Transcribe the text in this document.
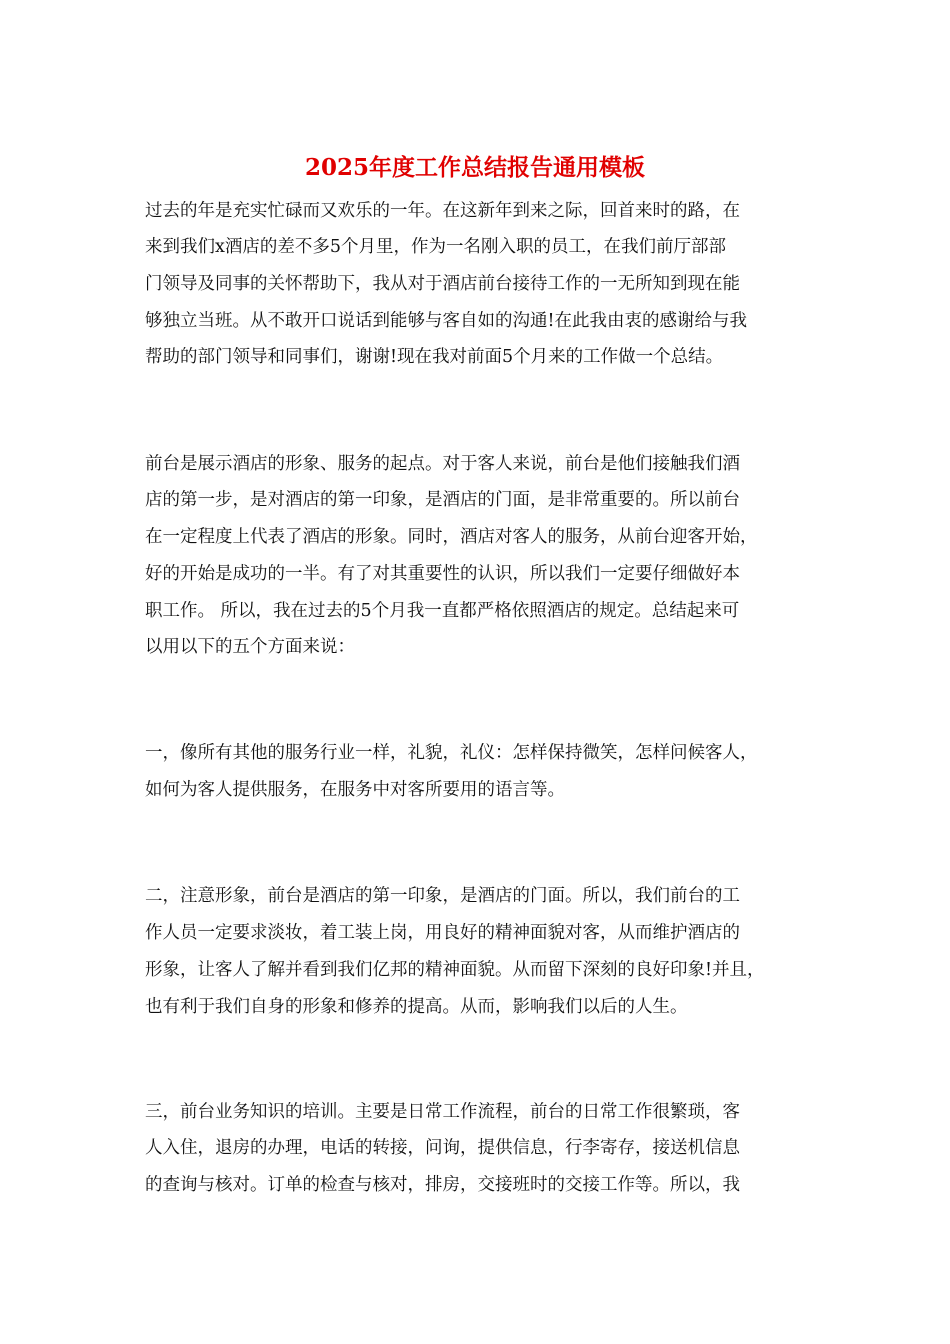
2025年度工作总结报告通用模板

过去的年是充实忙碌而又欢乐的一年。在这新年到来之际，回首来时的路，在

来到我们x酒店的差不多5个月里，作为一名刚入职的员工，在我们前厅部部

门领导及同事的关怀帮助下，我从对于酒店前台接待工作的一无所知到现在能

够独立当班。从不敢开口说话到能够与客自如的沟通!在此我由衷的感谢给与我

帮助的部门领导和同事们，谢谢!现在我对前面5个月来的工作做一个总结。

前台是展示酒店的形象、服务的起点。对于客人来说，前台是他们接触我们酒

店的第一步，是对酒店的第一印象，是酒店的门面，是非常重要的。所以前台

在一定程度上代表了酒店的形象。同时，酒店对客人的服务，从前台迎客开始，

好的开始是成功的一半。有了对其重要性的认识，所以我们一定要仔细做好本

职工作。 所以，我在过去的5个月我一直都严格依照酒店的规定。总结起来可

以用以下的五个方面来说：

一，像所有其他的服务行业一样，礼貌，礼仪：怎样保持微笑，怎样问候客人，

如何为客人提供服务，在服务中对客所要用的语言等。

二，注意形象，前台是酒店的第一印象，是酒店的门面。所以，我们前台的工

作人员一定要求淡妆，着工装上岗，用良好的精神面貌对客，从而维护酒店的

形象，让客人了解并看到我们亿邦的精神面貌。从而留下深刻的良好印象!并且，

也有利于我们自身的形象和修养的提高。从而，影响我们以后的人生。

三，前台业务知识的培训。主要是日常工作流程，前台的日常工作很繁琐，客

人入住，退房的办理，电话的转接，问询，提供信息，行李寄存，接送机信息

的查询与核对。订单的检查与核对，排房，交接班时的交接工作等。所以，我
